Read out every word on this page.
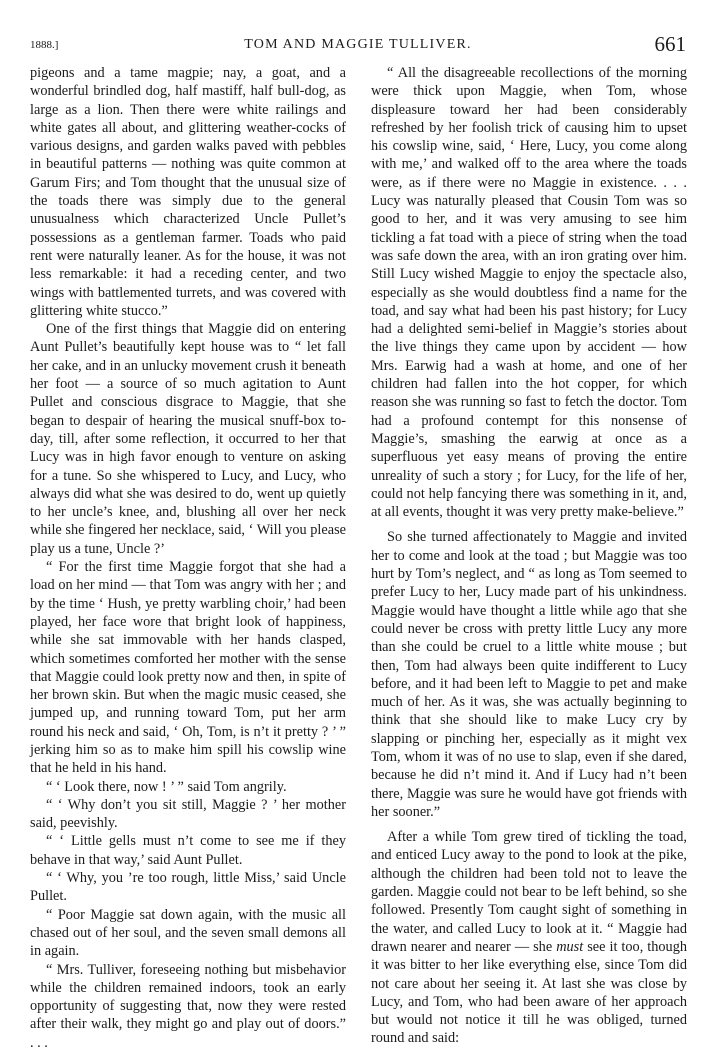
1888.]	TOM AND MAGGIE TULLIVER.	661

pigeons and a tame magpie; nay, a goat, and a wonderful brindled dog, half mastiff, half bull-dog, as large as a lion. Then there were white railings and white gates all about, and glittering weather-cocks of various designs, and garden walks paved with pebbles in beautiful patterns — nothing was quite common at Garum Firs; and Tom thought that the unusual size of the toads there was simply due to the general unusualness which characterized Uncle Pullet’s possessions as a gentleman farmer. Toads who paid rent were naturally leaner. As for the house, it was not less remarkable: it had a receding center, and two wings with battlemented turrets, and was covered with glittering white stucco.”

One of the first things that Maggie did on entering Aunt Pullet’s beautifully kept house was to “ let fall her cake, and in an unlucky movement crush it beneath her foot — a source of so much agitation to Aunt Pullet and conscious disgrace to Maggie, that she began to despair of hearing the musical snuff-box to-day, till, after some reflection, it occurred to her that Lucy was in high favor enough to venture on asking for a tune. So she whispered to Lucy, and Lucy, who always did what she was desired to do, went up quietly to her uncle’s knee, and, blushing all over her neck while she fingered her necklace, said, ‘ Will you please play us a tune, Uncle ?’

“ For the first time Maggie forgot that she had a load on her mind — that Tom was angry with her ; and by the time ‘ Hush, ye pretty warbling choir,’ had been played, her face wore that bright look of happiness, while she sat immovable with her hands clasped, which sometimes comforted her mother with the sense that Maggie could look pretty now and then, in spite of her brown skin. But when the magic music ceased, she jumped up, and running toward Tom, put her arm round his neck and said, ‘ Oh, Tom, is n’t it pretty ? ’ ” jerking him so as to make him spill his cowslip wine that he held in his hand.

“ ‘ Look there, now ! ’ ” said Tom angrily.

“ ‘ Why don’t you sit still, Maggie ? ’ her mother said, peevishly.

“ ‘ Little gells must n’t come to see me if they behave in that way,’ said Aunt Pullet.

“ ‘ Why, you ’re too rough, little Miss,’ said Uncle Pullet.

“ Poor Maggie sat down again, with the music all chased out of her soul, and the seven small demons all in again.

“ Mrs. Tulliver, foreseeing nothing but misbehavior while the children remained indoors, took an early opportunity of suggesting that, now they were rested after their walk, they might go and play out of doors.” . . .

“ All the disagreeable recollections of the morning were thick upon Maggie, when Tom, whose displeasure toward her had been considerably refreshed by her foolish trick of causing him to upset his cowslip wine, said, ‘ Here, Lucy, you come along with me,’ and walked off to the area where the toads were, as if there were no Maggie in existence. . . . Lucy was naturally pleased that Cousin Tom was so good to her, and it was very amusing to see him tickling a fat toad with a piece of string when the toad was safe down the area, with an iron grating over him. Still Lucy wished Maggie to enjoy the spectacle also, especially as she would doubtless find a name for the toad, and say what had been his past history; for Lucy had a delighted semi-belief in Maggie’s stories about the live things they came upon by accident — how Mrs. Earwig had a wash at home, and one of her children had fallen into the hot copper, for which reason she was running so fast to fetch the doctor. Tom had a profound contempt for this nonsense of Maggie’s, smashing the earwig at once as a superfluous yet easy means of proving the entire unreality of such a story ; for Lucy, for the life of her, could not help fancying there was something in it, and, at all events, thought it was very pretty make-believe.”

So she turned affectionately to Maggie and invited her to come and look at the toad ; but Maggie was too hurt by Tom’s neglect, and “ as long as Tom seemed to prefer Lucy to her, Lucy made part of his unkindness. Maggie would have thought a little while ago that she could never be cross with pretty little Lucy any more than she could be cruel to a little white mouse ; but then, Tom had always been quite indifferent to Lucy before, and it had been left to Maggie to pet and make much of her. As it was, she was actually beginning to think that she should like to make Lucy cry by slapping or pinching her, especially as it might vex Tom, whom it was of no use to slap, even if she dared, because he did n’t mind it. And if Lucy had n’t been there, Maggie was sure he would have got friends with her sooner.”

After a while Tom grew tired of tickling the toad, and enticed Lucy away to the pond to look at the pike, although the children had been told not to leave the garden. Maggie could not bear to be left behind, so she followed. Presently Tom caught sight of something in the water, and called Lucy to look at it. “ Maggie had drawn nearer and nearer — she must see it too, though it was bitter to her like everything else, since Tom did not care about her seeing it. At last she was close by Lucy, and Tom, who had been aware of her approach but would not notice it till he was obliged, turned round and said:
